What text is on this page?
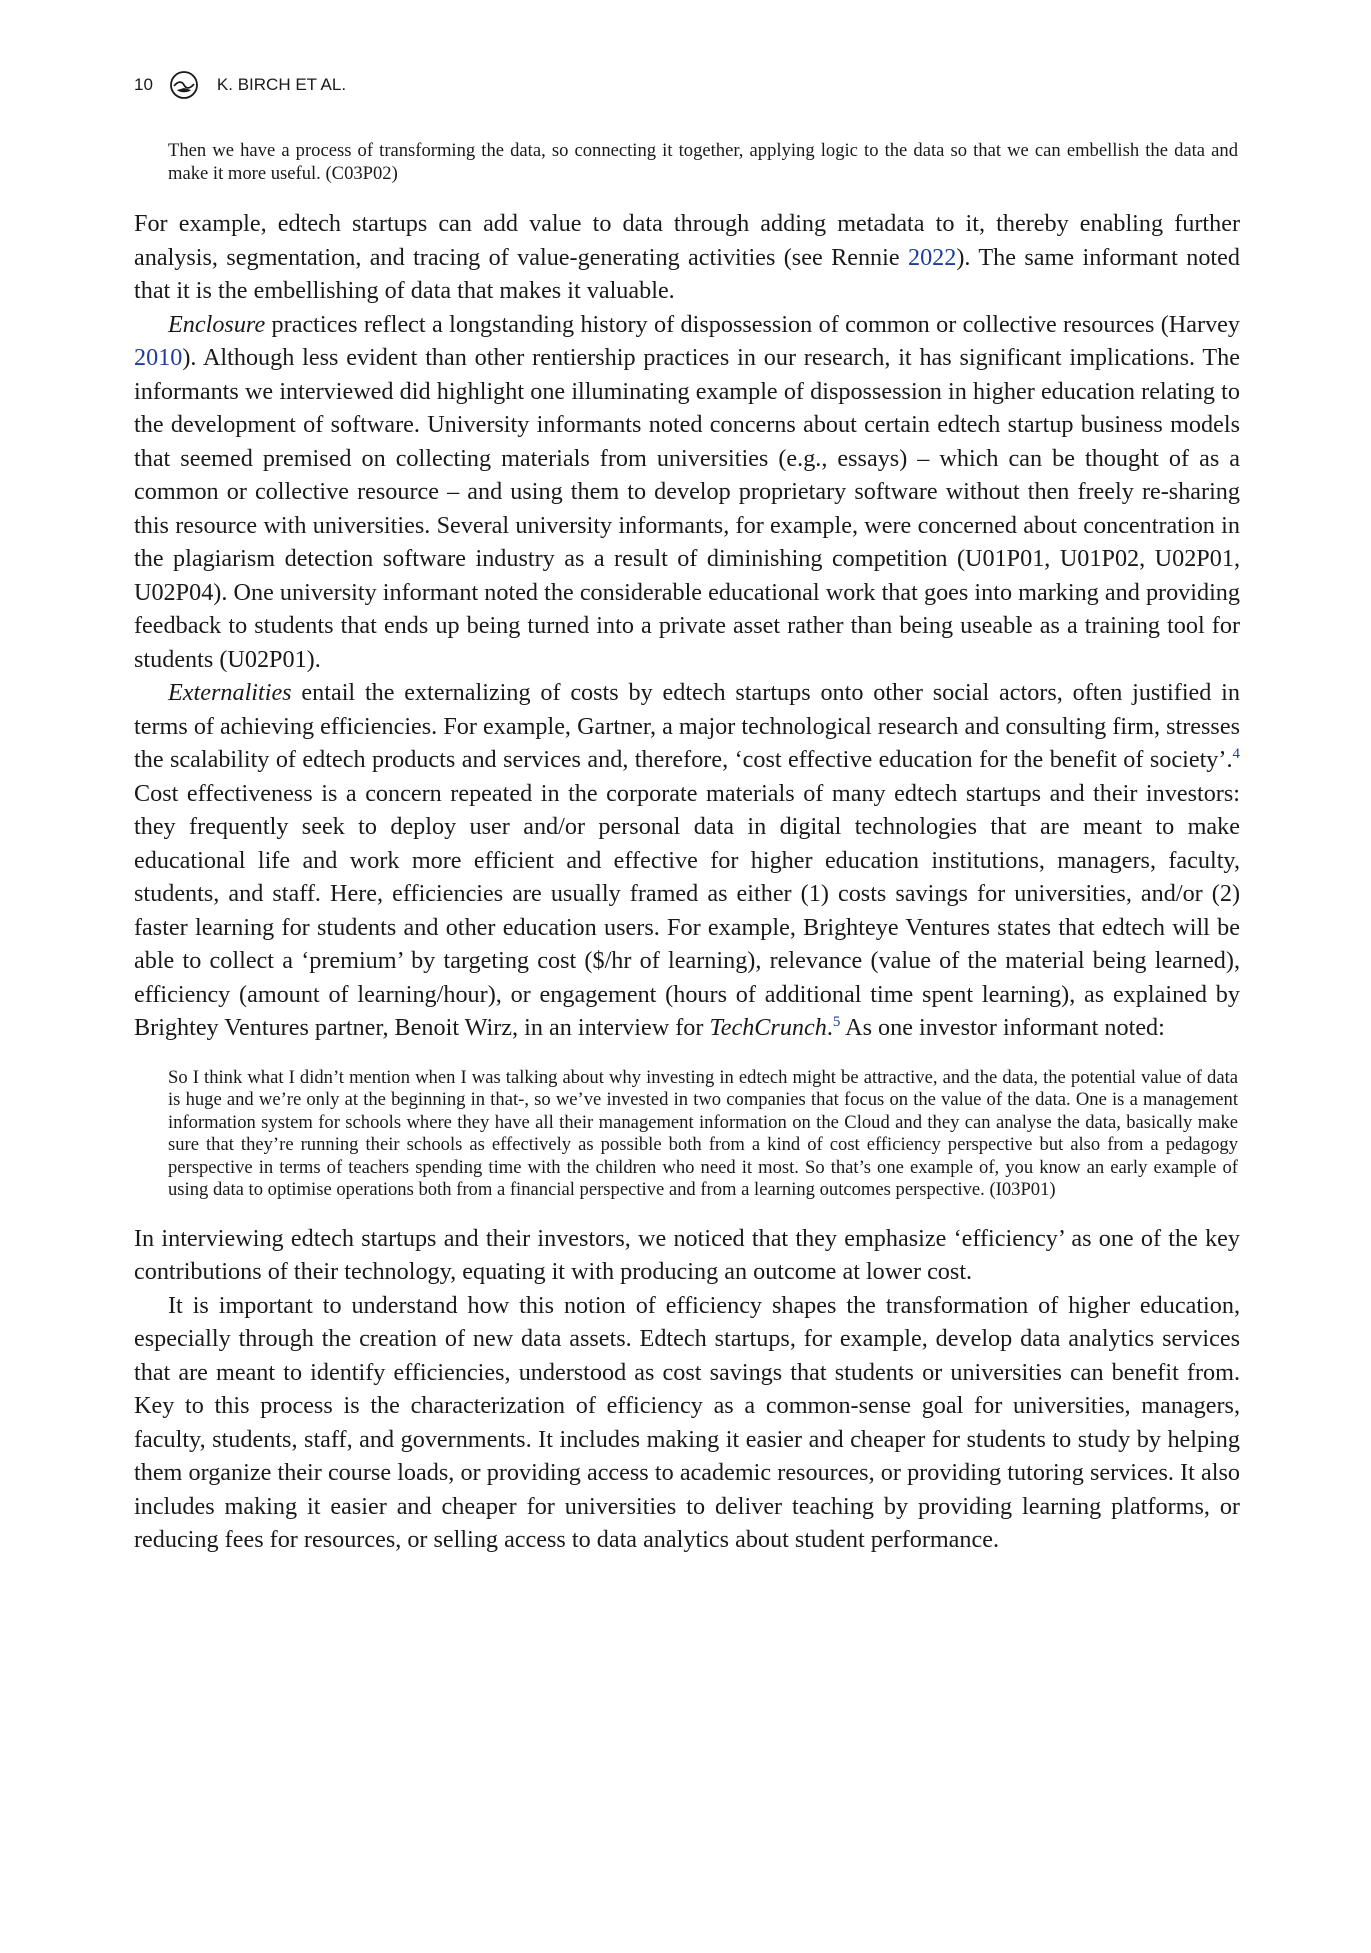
10	K. BIRCH ET AL.

Then we have a process of transforming the data, so connecting it together, applying logic to the data so that we can embellish the data and make it more useful. (C03P02)

For example, edtech startups can add value to data through adding metadata to it, thereby enabling further analysis, segmentation, and tracing of value-generating activities (see Rennie 2022). The same informant noted that it is the embellishing of data that makes it valuable.

Enclosure practices reflect a longstanding history of dispossession of common or collective resources (Harvey 2010). Although less evident than other rentiership practices in our research, it has significant implications. The informants we interviewed did highlight one illuminating example of dispossession in higher education relating to the development of software. University informants noted concerns about certain edtech startup business models that seemed premised on collecting materials from universities (e.g., essays) – which can be thought of as a common or collective resource – and using them to develop proprietary software without then freely re-sharing this resource with universities. Several university informants, for example, were concerned about concentration in the plagiarism detection software industry as a result of diminishing competition (U01P01, U01P02, U02P01, U02P04). One university informant noted the considerable educational work that goes into marking and providing feedback to students that ends up being turned into a private asset rather than being useable as a training tool for students (U02P01).

Externalities entail the externalizing of costs by edtech startups onto other social actors, often justified in terms of achieving efficiencies. For example, Gartner, a major technological research and consulting firm, stresses the scalability of edtech products and services and, therefore, ‘cost effective education for the benefit of society’.$^4$ Cost effectiveness is a concern repeated in the corporate materials of many edtech startups and their investors: they frequently seek to deploy user and/or personal data in digital technologies that are meant to make educational life and work more efficient and effective for higher education institutions, managers, faculty, students, and staff. Here, efficiencies are usually framed as either (1) costs savings for universities, and/or (2) faster learning for students and other education users. For example, Brighteye Ventures states that edtech will be able to collect a ‘premium’ by targeting cost ($/hr of learning), relevance (value of the material being learned), efficiency (amount of learning/hour), or engagement (hours of additional time spent learning), as explained by Brightey Ventures partner, Benoit Wirz, in an interview for TechCrunch.$^5$ As one investor informant noted:

So I think what I didn’t mention when I was talking about why investing in edtech might be attractive, and the data, the potential value of data is huge and we’re only at the beginning in that-, so we’ve invested in two companies that focus on the value of the data. One is a management information system for schools where they have all their management information on the Cloud and they can analyse the data, basically make sure that they’re running their schools as effectively as possible both from a kind of cost efficiency perspective but also from a pedagogy perspective in terms of teachers spending time with the children who need it most. So that’s one example of, you know an early example of using data to optimise operations both from a financial perspective and from a learning outcomes perspective. (I03P01)

In interviewing edtech startups and their investors, we noticed that they emphasize ‘efficiency’ as one of the key contributions of their technology, equating it with producing an outcome at lower cost.

It is important to understand how this notion of efficiency shapes the transformation of higher education, especially through the creation of new data assets. Edtech startups, for example, develop data analytics services that are meant to identify efficiencies, understood as cost savings that students or universities can benefit from. Key to this process is the characterization of efficiency as a common-sense goal for universities, managers, faculty, students, staff, and governments. It includes making it easier and cheaper for students to study by helping them organize their course loads, or providing access to academic resources, or providing tutoring services. It also includes making it easier and cheaper for universities to deliver teaching by providing learning platforms, or reducing fees for resources, or selling access to data analytics about student performance.
